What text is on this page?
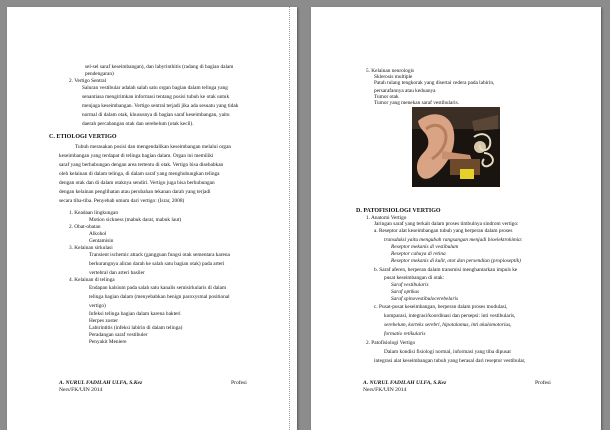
sel-sel saraf keseimbangan), dan labyrinthitis (radang di bagian dalam
pendengaran)
2. Vertigo Sentral
Saluran vestibular adalah salah satu organ bagian dalam telinga yang
senantiasa mengirimkan informasi tentang posisi tubuh ke otak untuk
menjaga keseimbangan. Vertigo sentral terjadi jika ada sesuatu yang tidak
normal di dalam otak, khususnya di bagian saraf keseimbangan, yaitu
daerah percabangan otak dan serebelum (otak kecil).
C. ETIOLOGI VERTIGO
Tubuh merasakan posisi dan mengendalikan keseimbangan melalui organ
keseimbangan yang terdapat di telinga bagian dalam. Organ ini memiliki
saraf yang berhubungan dengan area tertentu di otak. Vertigo bisa disebabkan
oleh kelainan di dalam telinga, di dalam saraf yang menghubungkan telinga
dengan otak dan di dalam otaknya sendiri. Vertigo juga bisa berhubungan
dengan kelainan penglihatan atau perubahan tekanan darah yang terjadi
secara tiba-tiba. Penyebab umum dari vertigo: (Israr, 2008)
1. Keadaan lingkungan
Motion sickness (mabuk darat, mabuk laut)
2. Obat-obatan
Alkohol
Gentamisin
3. Kelainan sirkulasi
Transient ischemic attack (gangguan fungsi otak sementara karena
berkurangnya aliran darah ke salah satu bagian otak) pada arteri
vertebral dan arteri basiler
4. Kelainan di telinga
Endapan kalsium pada salah satu kanalis semisirkularis di dalam
telinga bagian dalam (menyebabkan benign paroxysmal positional
vertigo)
Infeksi telinga bagian dalam karena bakteri
Herpes zoster
Labirintitis (infeksi labirin di dalam telinga)
Peradangan saraf vestibuler
Penyakit Meniere
A. NURUL FADILAH ULFA, S.Kez	Profesi
Ners/FK/UIN 2014
5. Kelainan neurologis
Sklerosis multiple
Patah tulang tengkorak yang disertai cedera pada labirin,
persarafannya atau keduanya
Tumor otak
Tumor yang menekan saraf vestibularis.
D. PATOFISIOLOGI VERTIGO
1. Anatomi Vertigo
Jaringan saraf yang terkait dalam proses timbulnya sindrom vertigo:
a. Reseptor alat keseimbangan tubuh yang berperan dalam proses
transduksi yaitu mengubah rangsangan menjadi bioelektrokimia:
Reseptor mekanis di vestibulum
Reseptor cahaya di retina
Reseptor mekanis di kulit, otot dan persendian (propioseptik)
b. Saraf aferen, berperan dalam transmisi menghantarkan impuls ke
pusat keseimbangan di otak:
Saraf vestibularis
Saraf optikus
Saraf spinovestibulocerebelaris
c. Pusat-pusat keseimbangan, berperan dalam proses modulasi,
komparasi, integrasi/koordinasi dan persepsi: inti vestibularis,
serebelum, korteks serebri, hipotalamus, inti okulomotorius,
formatio retikularis
2. Patofisiologi Vertigo
Dalam kondisi fisiologi normal, informasi yang tiba dipusat
integrasi alat keseimbangan tubuh yang berasal dari reseptor vestibular,
A. NURUL FADILAH ULFA, S.Kez	Profesi
Ners/FK/UIN 2014
